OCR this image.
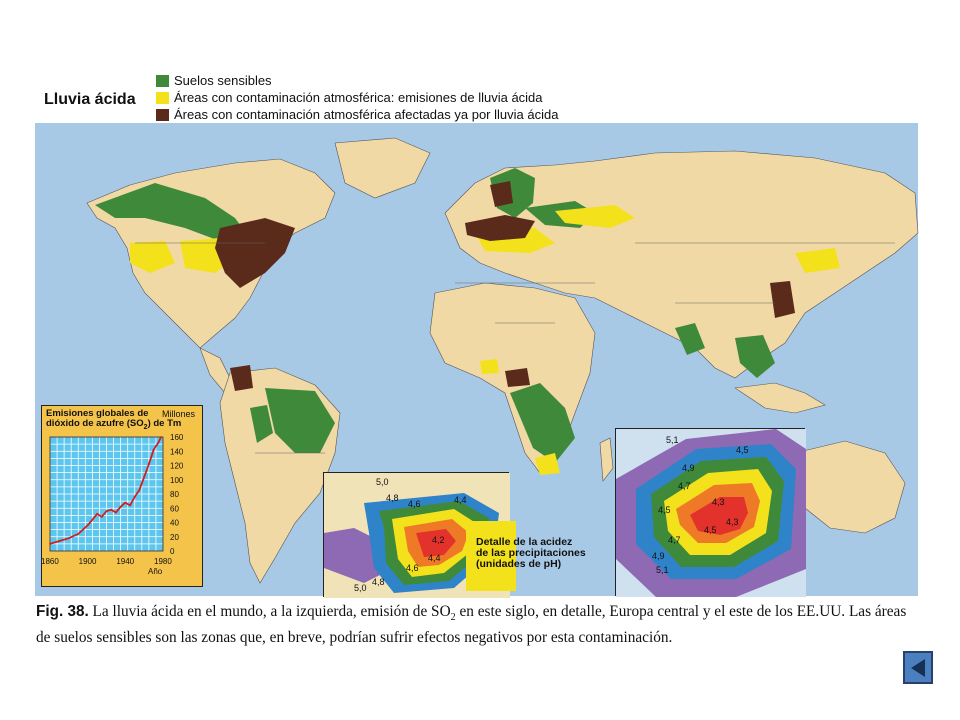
Lluvia ácida
Suelos sensibles
Áreas con contaminación atmosférica: emisiones de lluvia ácida
Áreas con contaminación atmosférica afectadas ya por lluvia ácida
Emisiones globales de
dióxido de azufre $(SO_2)$ de Tm
Millones
160
140
120
100
80
60
40
20
0
1860 1900 1940 1980
Año
5,0
4,8
4,6	4,4
4,2
4,4
4,6
4,8
5,0
Detalle de la acidez
de las precipitaciones
(unidades de pH)
5,1
4,9
4,7
4,5
4,5
4,3
4,5
4,7
4,9
5,1
4,3
Fig. 38. La lluvia ácida en el mundo, a la izquierda, emisión de $SO_2$ en este siglo, en detalle, Europa central y el este de los EE.UU. Las áreas de suelos sensibles son las zonas que, en breve, podrían sufrir efectos negativos por esta contaminación.
